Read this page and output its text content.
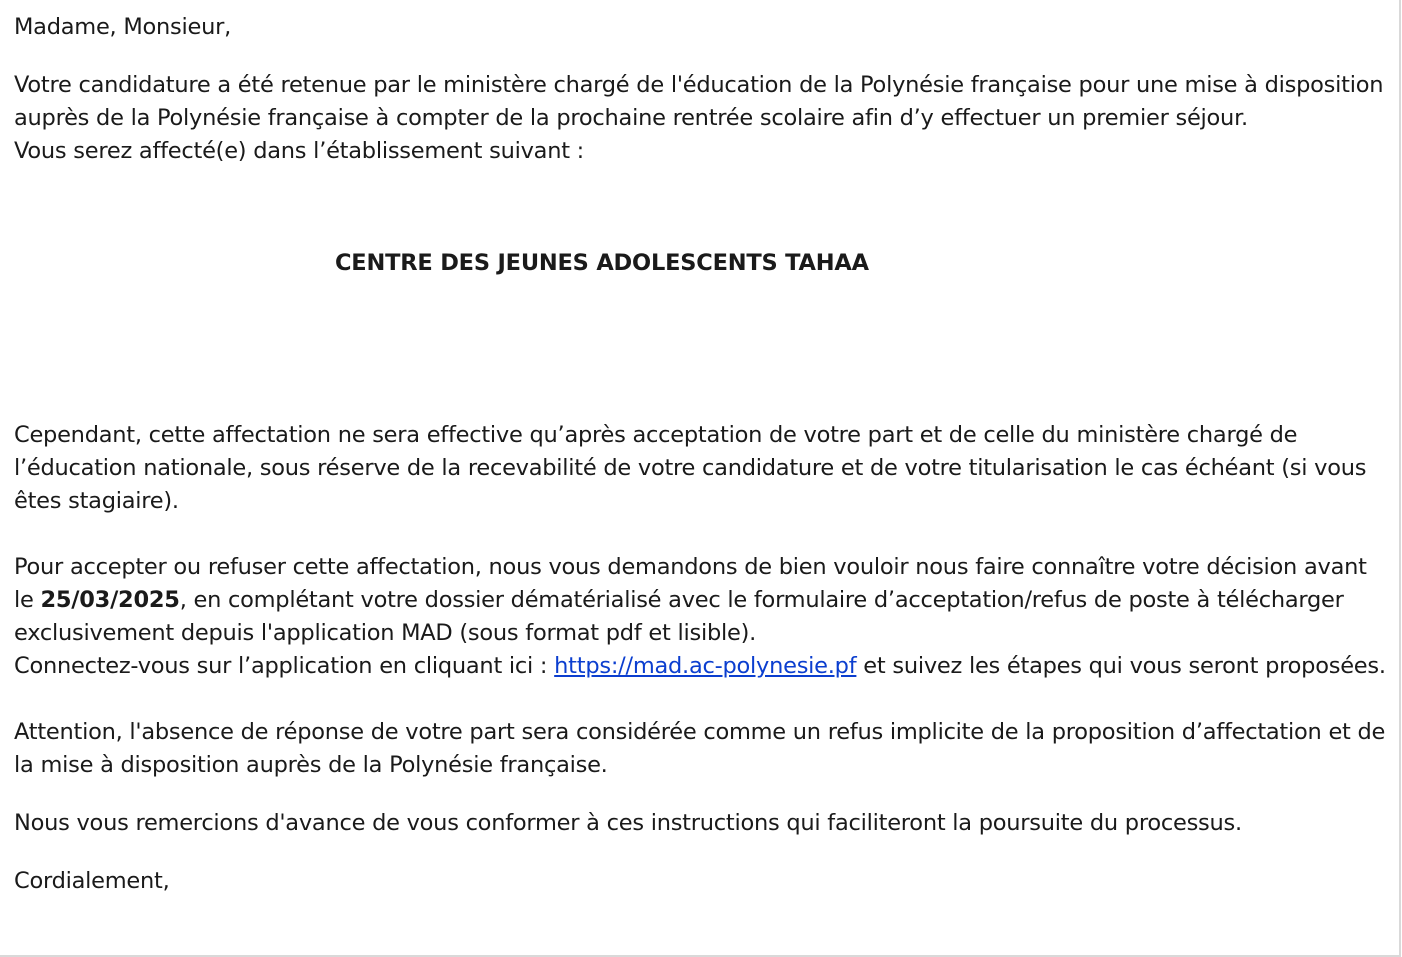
Madame, Monsieur,

Votre candidature a été retenue par le ministère chargé de l'éducation de la Polynésie française pour une mise à disposition auprès de la Polynésie française à compter de la prochaine rentrée scolaire afin d’y effectuer un premier séjour.

Vous serez affecté(e) dans l’établissement suivant :

CENTRE DES JEUNES ADOLESCENTS TAHAA

Cependant, cette affectation ne sera effective qu’après acceptation de votre part et de celle du ministère chargé de l’éducation nationale, sous réserve de la recevabilité de votre candidature et de votre titularisation le cas échéant (si vous êtes stagiaire).

Pour accepter ou refuser cette affectation, nous vous demandons de bien vouloir nous faire connaître votre décision avant le 25/03/2025, en complétant votre dossier dématérialisé avec le formulaire d’acceptation/refus de poste à télécharger exclusivement depuis l'application MAD (sous format pdf et lisible).

Connectez-vous sur l’application en cliquant ici : https://mad.ac-polynesie.pf et suivez les étapes qui vous seront proposées.

Attention, l'absence de réponse de votre part sera considérée comme un refus implicite de la proposition d’affectation et de la mise à disposition auprès de la Polynésie française.

Nous vous remercions d'avance de vous conformer à ces instructions qui faciliteront la poursuite du processus.

Cordialement,
